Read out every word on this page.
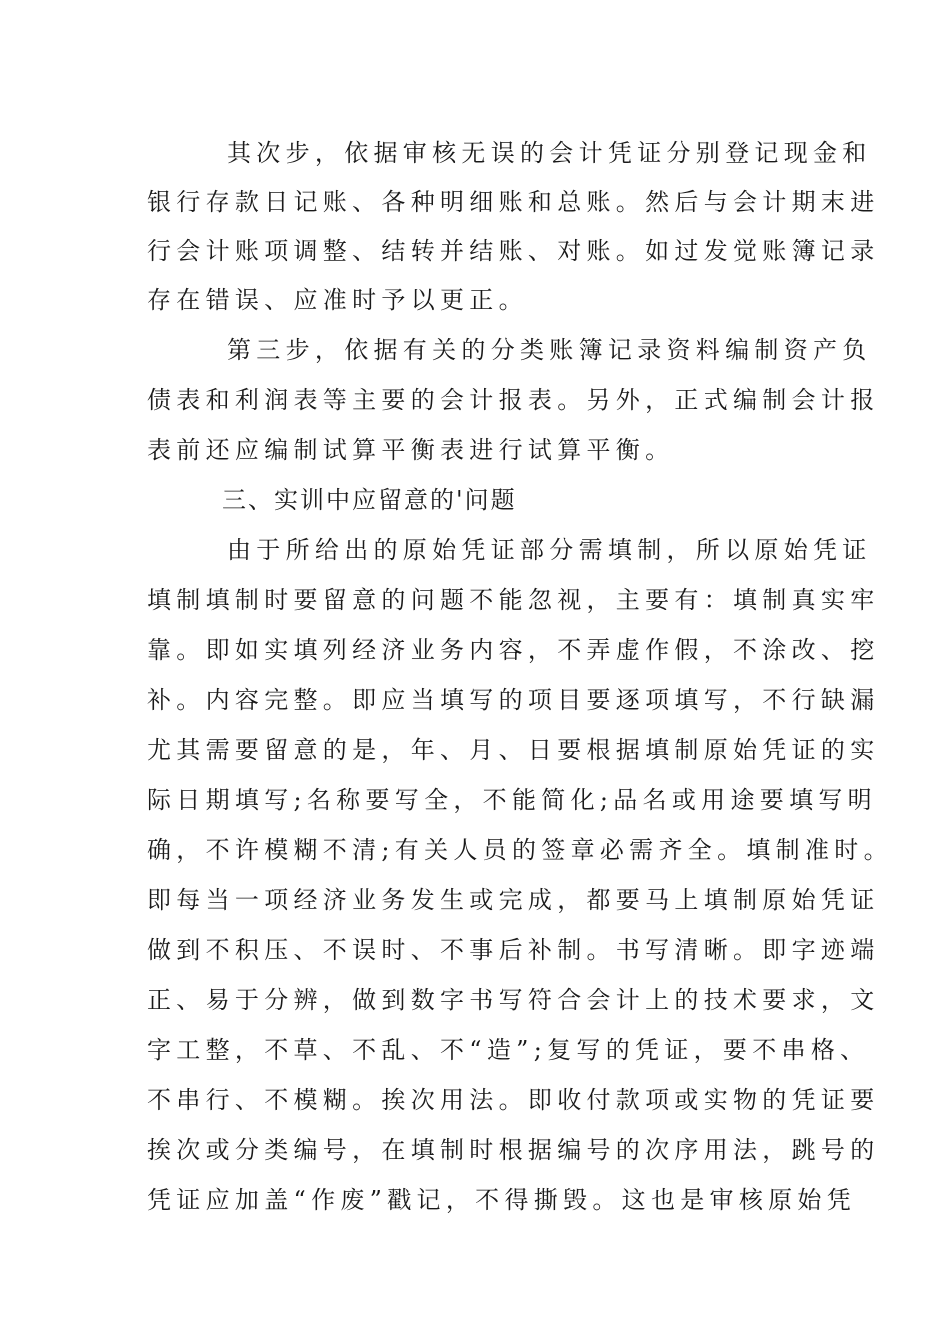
其次步，依据审核无误的会计凭证分别登记现金和
银行存款日记账、各种明细账和总账。然后与会计期末进
行会计账项调整、结转并结账、对账。如过发觉账簿记录
存在错误、应准时予以更正。
第三步，依据有关的分类账簿记录资料编制资产负
债表和利润表等主要的会计报表。另外，正式编制会计报
表前还应编制试算平衡表进行试算平衡。
三、实训中应留意的'问题
由于所给出的原始凭证部分需填制，所以原始凭证
填制填制时要留意的问题不能忽视，主要有：填制真实牢
靠。即如实填列经济业务内容，不弄虚作假，不涂改、挖
补。内容完整。即应当填写的项目要逐项填写，不行缺漏
尤其需要留意的是，年、月、日要根据填制原始凭证的实
际日期填写;名称要写全，不能简化;品名或用途要填写明
确，不许模糊不清;有关人员的签章必需齐全。填制准时。
即每当一项经济业务发生或完成，都要马上填制原始凭证
做到不积压、不误时、不事后补制。书写清晰。即字迹端
正、易于分辨，做到数字书写符合会计上的技术要求，文
字工整，不草、不乱、不“造”;复写的凭证，要不串格、
不串行、不模糊。挨次用法。即收付款项或实物的凭证要
挨次或分类编号，在填制时根据编号的次序用法，跳号的
凭证应加盖“作废”戳记，不得撕毁。这也是审核原始凭
